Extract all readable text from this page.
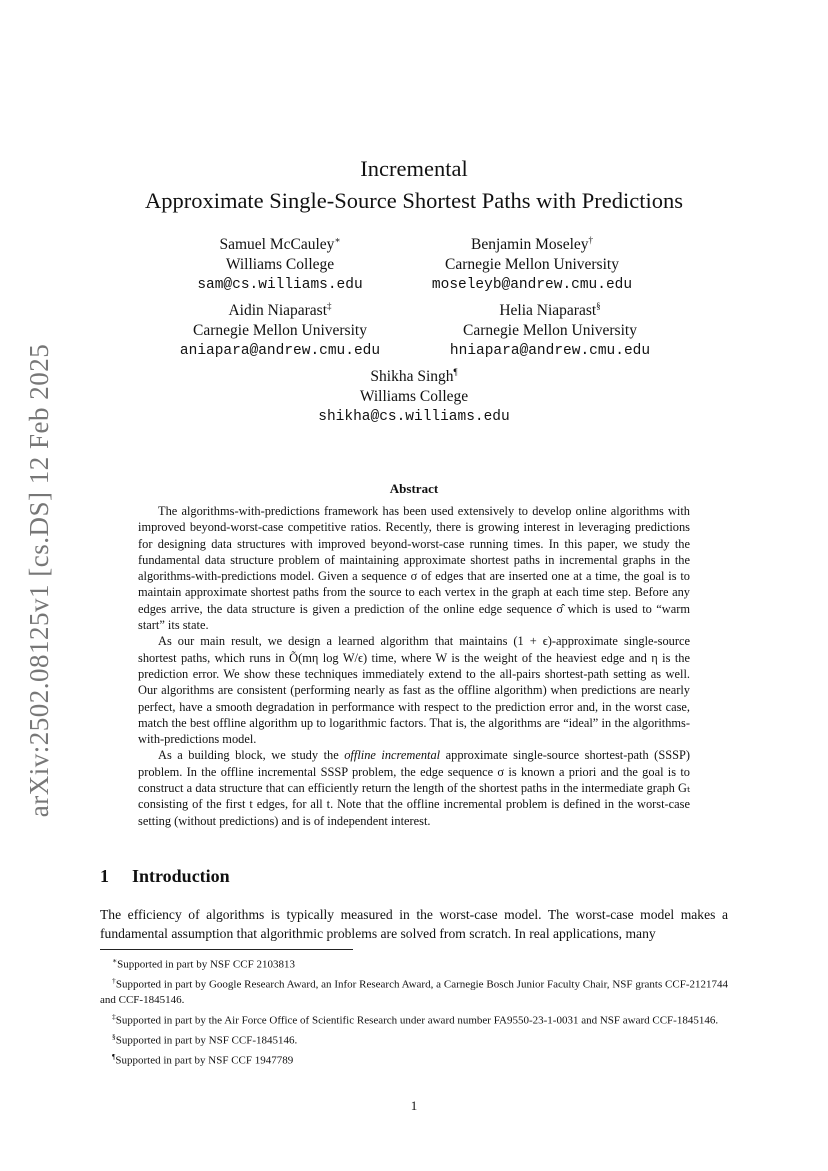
arXiv:2502.08125v1 [cs.DS] 12 Feb 2025
Incremental
Approximate Single-Source Shortest Paths with Predictions
Samuel McCauley∗
Williams College
sam@cs.williams.edu
Benjamin Moseley†
Carnegie Mellon University
moseleyb@andrew.cmu.edu
Aidin Niaparast‡
Carnegie Mellon University
aniapara@andrew.cmu.edu
Helia Niaparast§
Carnegie Mellon University
hniapara@andrew.cmu.edu
Shikha Singh¶
Williams College
shikha@cs.williams.edu
Abstract

The algorithms-with-predictions framework has been used extensively to develop online algorithms with improved beyond-worst-case competitive ratios. Recently, there is growing interest in leveraging predictions for designing data structures with improved beyond-worst-case running times. In this paper, we study the fundamental data structure problem of maintaining approximate shortest paths in incremental graphs in the algorithms-with-predictions model. Given a sequence σ of edges that are inserted one at a time, the goal is to maintain approximate shortest paths from the source to each vertex in the graph at each time step. Before any edges arrive, the data structure is given a prediction of the online edge sequence σ̂ which is used to “warm start” its state.

As our main result, we design a learned algorithm that maintains (1 + ϵ)-approximate single-source shortest paths, which runs in Õ(mη log W/ϵ) time, where W is the weight of the heaviest edge and η is the prediction error. We show these techniques immediately extend to the all-pairs shortest-path setting as well. Our algorithms are consistent (performing nearly as fast as the offline algorithm) when predictions are nearly perfect, have a smooth degradation in performance with respect to the prediction error and, in the worst case, match the best offline algorithm up to logarithmic factors. That is, the algorithms are “ideal” in the algorithms-with-predictions model.

As a building block, we study the offline incremental approximate single-source shortest-path (SSSP) problem. In the offline incremental SSSP problem, the edge sequence σ is known a priori and the goal is to construct a data structure that can efficiently return the length of the shortest paths in the intermediate graph Gₜ consisting of the first t edges, for all t. Note that the offline incremental problem is defined in the worst-case setting (without predictions) and is of independent interest.

1 Introduction

The efficiency of algorithms is typically measured in the worst-case model. The worst-case model makes a fundamental assumption that algorithmic problems are solved from scratch. In real applications, many

∗Supported in part by NSF CCF 2103813

†Supported in part by Google Research Award, an Infor Research Award, a Carnegie Bosch Junior Faculty Chair, NSF grants CCF-2121744 and CCF-1845146.

‡Supported in part by the Air Force Office of Scientific Research under award number FA9550-23-1-0031 and NSF award CCF-1845146.

§Supported in part by NSF CCF-1845146.

¶Supported in part by NSF CCF 1947789

1
